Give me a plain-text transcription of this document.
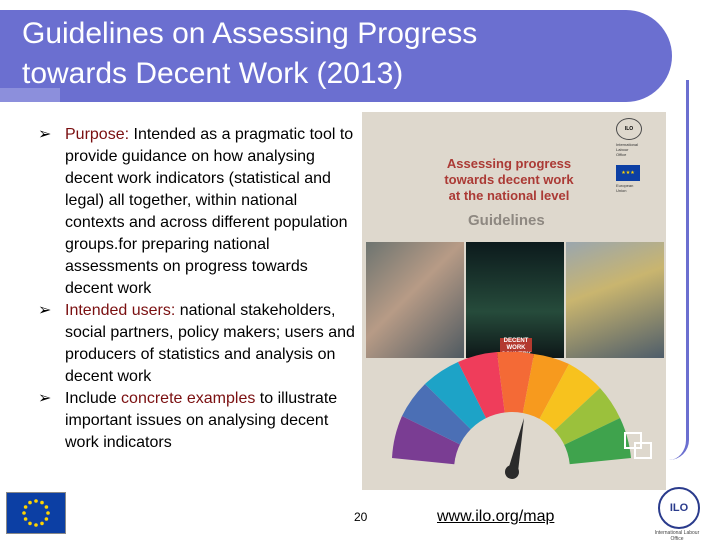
Guidelines on Assessing Progress
towards Decent Work (2013)
➢ Purpose: Intended as a pragmatic tool to provide guidance on how analysing decent work indicators (statistical and legal) all together, within national contexts and across different population groups.for preparing national assessments on progress towards decent work
➢ Intended users: national stakeholders, social partners, policy makers; users and producers of statistics and analysis on decent work
➢ Include concrete examples to illustrate important issues on analysing decent work indicators
Assessing progress
towards decent work
at the national level
Guidelines
ILO
International
Labour
Office
★★★
European
Union
DECENT WORK

20	www.ilo.org/map	ILO
International Labour Office
